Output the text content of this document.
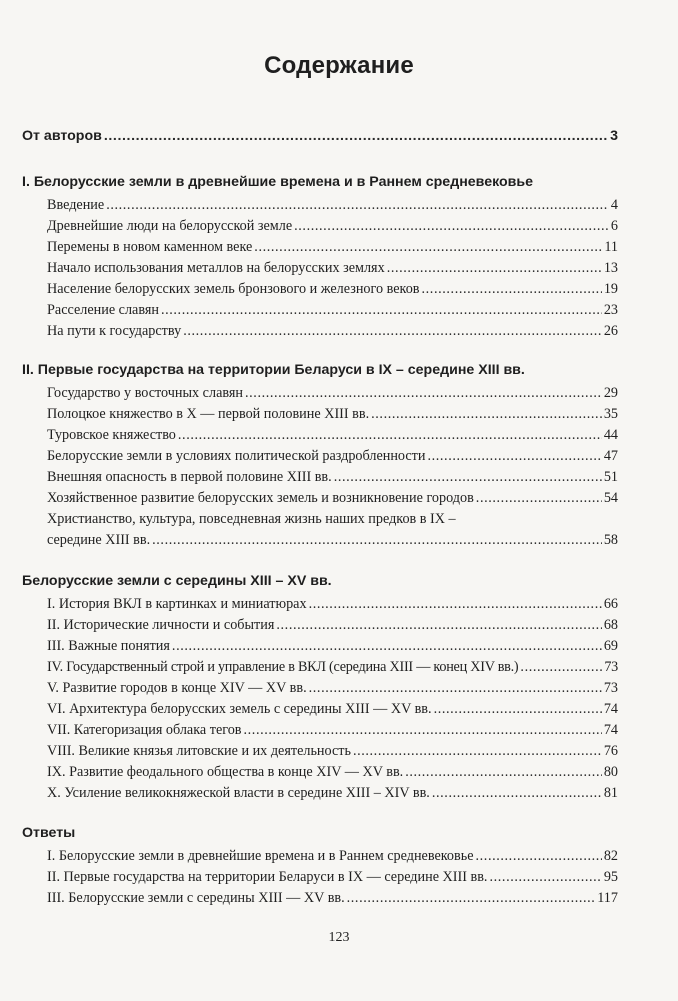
Содержание
От авторов .....	3
I. Белорусские земли в древнейшие времена и в Раннем средневековье
Введение .....	4
Древнейшие люди на белорусской земле .....	6
Перемены в новом каменном веке .....	11
Начало использования металлов на белорусских землях .....	13
Население белорусских земель бронзового и железного веков .....	19
Расселение славян .....	23
На пути к государству .....	26
II. Первые государства на территории Беларуси в IX – середине XIII вв.
Государство у восточных славян .....	29
Полоцкое княжество в X — первой половине XIII вв. .....	35
Туровское княжество .....	44
Белорусские земли в условиях политической раздробленности .....	47
Внешняя опасность в первой половине XIII вв. .....	51
Хозяйственное развитие белорусских земель и возникновение городов .....	54
Христианство, культура, повседневная жизнь наших предков в IX –
середине XIII вв. .....	58
Белорусские земли с середины XIII – XV вв.
I. История ВКЛ в картинках и миниатюрах .....	66
II. Исторические личности и события .....	68
III. Важные понятия .....	69
IV. Государственный строй и управление в ВКЛ (середина XIII — конец XIV вв.) .....	73
V. Развитие городов в конце XIV — XV вв. .....	73
VI. Архитектура белорусских земель с середины XIII — XV вв. .....	74
VII. Категоризация облака тегов .....	74
VIII. Великие князья литовские и их деятельность .....	76
IX. Развитие феодального общества в конце XIV — XV вв. .....	80
X. Усиление великокняжеской власти в середине XIII – XIV вв. .....	81
Ответы
I. Белорусские земли в древнейшие времена и в Раннем средневековье .....	82
II. Первые государства на территории Беларуси в IX — середине XIII вв. .....	95
III. Белорусские земли с середины XIII — XV вв. .....	117
123
